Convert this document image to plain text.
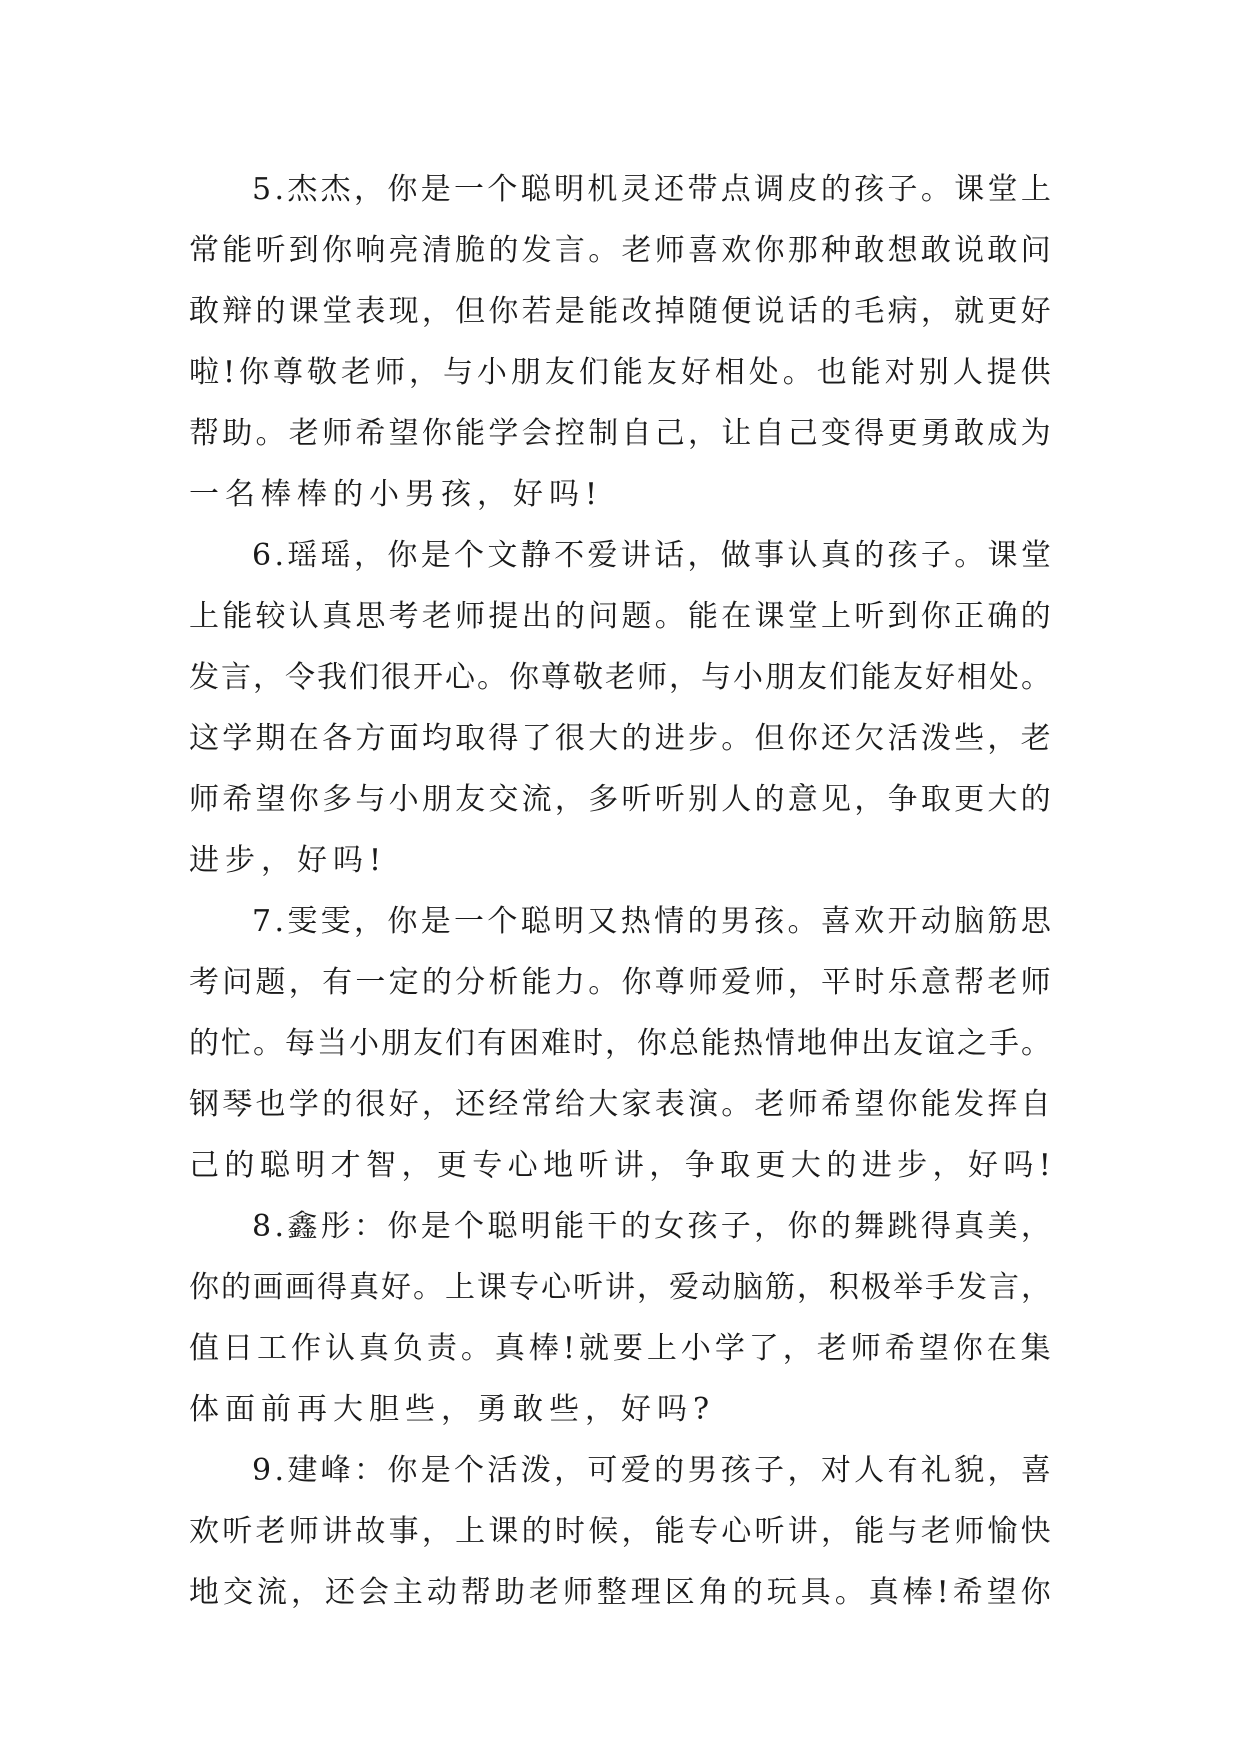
5 . 杰 杰 ， 你 是 一 个 聪 明 机 灵 还 带 点 调 皮 的 孩 子 。 课 堂 上
常 能 听 到 你 响 亮 清 脆 的 发 言 。 老 师 喜 欢 你 那 种 敢 想 敢 说 敢 问
敢 辩 的 课 堂 表 现 ， 但 你 若 是 能 改 掉 随 便 说 话 的 毛 病 ， 就 更 好
啦 ! 你 尊 敬 老 师 ， 与 小 朋 友 们 能 友 好 相 处 。 也 能 对 别 人 提 供
帮 助 。 老 师 希 望 你 能 学 会 控 制 自 己 ， 让 自 己 变 得 更 勇 敢 成 为
一 名 棒 棒 的 小 男 孩 ， 好 吗 !
6 . 瑶 瑶 ， 你 是 个 文 静 不 爱 讲 话 ， 做 事 认 真 的 孩 子 。 课 堂
上 能 较 认 真 思 考 老 师 提 出 的 问 题 。 能 在 课 堂 上 听 到 你 正 确 的
发 言 ， 令 我 们 很 开 心 。 你 尊 敬 老 师 ， 与 小 朋 友 们 能 友 好 相 处 。
这 学 期 在 各 方 面 均 取 得 了 很 大 的 进 步 。 但 你 还 欠 活 泼 些 ， 老
师 希 望 你 多 与 小 朋 友 交 流 ， 多 听 听 别 人 的 意 见 ， 争 取 更 大 的
进 步 ， 好 吗 !
7 . 雯 雯 ， 你 是 一 个 聪 明 又 热 情 的 男 孩 。 喜 欢 开 动 脑 筋 思
考 问 题 ， 有 一 定 的 分 析 能 力 。 你 尊 师 爱 师 ， 平 时 乐 意 帮 老 师
的 忙 。 每 当 小 朋 友 们 有 困 难 时 ， 你 总 能 热 情 地 伸 出 友 谊 之 手 。
钢 琴 也 学 的 很 好 ， 还 经 常 给 大 家 表 演 。 老 师 希 望 你 能 发 挥 自
己 的 聪 明 才 智 ， 更 专 心 地 听 讲 ， 争 取 更 大 的 进 步 ， 好 吗 !
8 . 鑫 彤 ： 你 是 个 聪 明 能 干 的 女 孩 子 ， 你 的 舞 跳 得 真 美 ，
你 的 画 画 得 真 好 。 上 课 专 心 听 讲 ， 爱 动 脑 筋 ， 积 极 举 手 发 言 ，
值 日 工 作 认 真 负 责 。 真 棒 ! 就 要 上 小 学 了 ， 老 师 希 望 你 在 集
体 面 前 再 大 胆 些 ， 勇 敢 些 ， 好 吗 ?
9 . 建 峰 ： 你 是 个 活 泼 ， 可 爱 的 男 孩 子 ， 对 人 有 礼 貌 ， 喜
欢 听 老 师 讲 故 事 ， 上 课 的 时 候 ， 能 专 心 听 讲 ， 能 与 老 师 愉 快
地 交 流 ， 还 会 主 动 帮 助 老 师 整 理 区 角 的 玩 具 。 真 棒 ! 希 望 你
